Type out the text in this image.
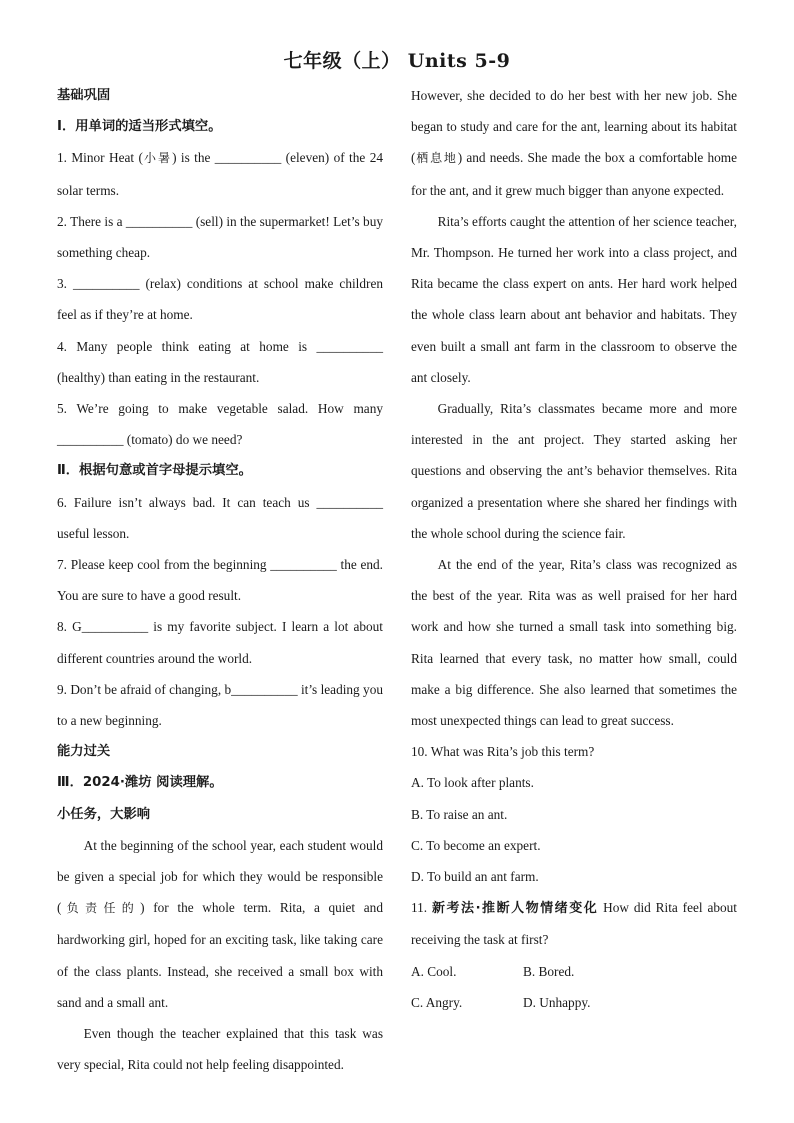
七年级（上） Units 5-9

基础巩固

Ⅰ．用单词的适当形式填空。

1. Minor Heat (小暑) is the __________ (eleven) of the 24 solar terms.

2. There is a __________ (sell) in the supermarket! Let’s buy something cheap.

3. __________ (relax) conditions at school make children feel as if they’re at home.

4. Many people think eating at home is __________ (healthy) than eating in the restaurant.

5. We’re going to make vegetable salad. How many __________ (tomato) do we need?

Ⅱ．根据句意或首字母提示填空。

6. Failure isn’t always bad. It can teach us __________ useful lesson.

7. Please keep cool from the beginning __________ the end. You are sure to have a good result.

8. G__________ is my favorite subject. I learn a lot about different countries around the world.

9. Don’t be afraid of changing, b__________ it’s leading you to a new beginning.

能力过关

Ⅲ．2024·潍坊 阅读理解。

小任务，大影响

At the beginning of the school year, each student would be given a special job for which they would be responsible (负责任的) for the whole term. Rita, a quiet and hardworking girl, hoped for an exciting task, like taking care of the class plants. Instead, she received a small box with sand and a small ant.

Even though the teacher explained that this task was very special, Rita could not help feeling disappointed.

However, she decided to do her best with her new job. She began to study and care for the ant, learning about its habitat (栖息地) and needs. She made the box a comfortable home for the ant, and it grew much bigger than anyone expected.

Rita’s efforts caught the attention of her science teacher, Mr. Thompson. He turned her work into a class project, and Rita became the class expert on ants. Her hard work helped the whole class learn about ant behavior and habitats. They even built a small ant farm in the classroom to observe the ant closely.

Gradually, Rita’s classmates became more and more interested in the ant project. They started asking her questions and observing the ant’s behavior themselves. Rita organized a presentation where she shared her findings with the whole school during the science fair.

At the end of the year, Rita’s class was recognized as the best of the year. Rita was as well praised for her hard work and how she turned a small task into something big. Rita learned that every task, no matter how small, could make a big difference. She also learned that sometimes the most unexpected things can lead to great success.

10. What was Rita’s job this term?

A. To look after plants.

B. To raise an ant.

C. To become an expert.

D. To build an ant farm.

11. 新考法·推断人物情绪变化 How did Rita feel about receiving the task at first?

A. Cool.	B. Bored.

C. Angry.	D. Unhappy.
